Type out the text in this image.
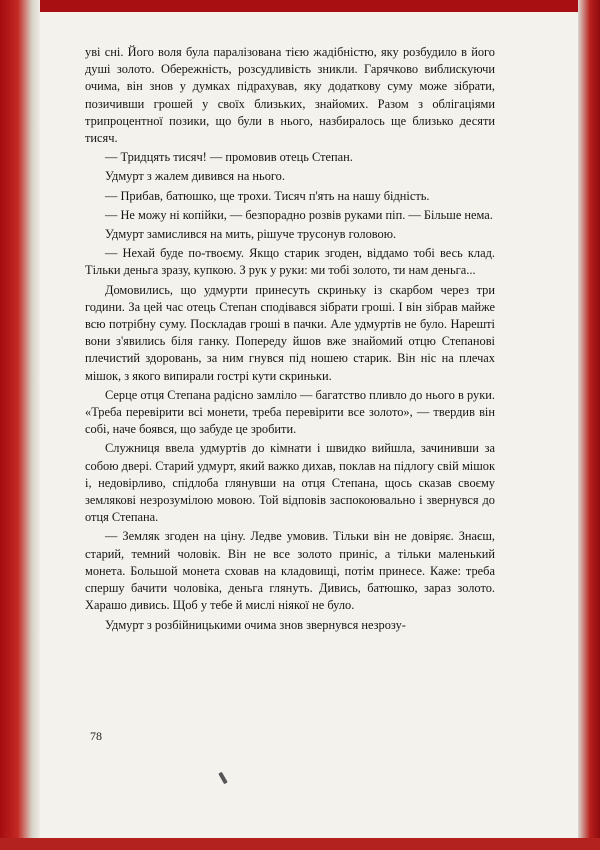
уві сні. Його воля була паралізована тією жадібністю, яку розбудило в його душі золото. Обережність, розсудливість зникли. Гарячково виблискуючи очима, він знов у думках підрахував, яку додаткову суму може зібрати, позичивши грошей у своїх близьких, знайомих. Разом з облігаціями трипроцентної позики, що були в нього, назбиралось ще близько десяти тисяч.

— Тридцять тисяч! — промовив отець Степан.

Удмурт з жалем дивився на нього.

— Прибав, батюшко, ще трохи. Тисяч п'ять на нашу бідність.

— Не можу ні копійки, — безпорадно розвів руками піп. — Більше нема.

Удмурт замислився на мить, рішуче трусонув головою.

— Нехай буде по-твоєму. Якщо старик згоден, віддамо тобі весь клад. Тільки деньга зразу, купкою. З рук у руки: ми тобі золото, ти нам деньга...

Домовились, що удмурти принесуть скриньку із скарбом через три години. За цей час отець Степан сподівався зібрати гроші. І він зібрав майже всю потрібну суму. Поскладав гроші в пачки. Але удмуртів не було. Нарешті вони з'явились біля ганку. Попереду йшов вже знайомий отцю Степанові плечистий здоровань, за ним гнувся під ношею старик. Він ніс на плечах мішок, з якого випирали гострі кути скриньки.

Серце отця Степана радісно замліло — багатство пливло до нього в руки. «Треба перевірити всі монети, треба перевірити все золото», — твердив він собі, наче боявся, що забуде це зробити.

Служниця ввела удмуртів до кімнати і швидко вийшла, зачинивши за собою двері. Старий удмурт, який важко дихав, поклав на підлогу свій мішок і, недовірливо, спідлоба глянувши на отця Степана, щось сказав своєму землякові незрозумілою мовою. Той відповів заспокоювально і звернувся до отця Степана.

— Земляк згоден на ціну. Ледве умовив. Тільки він не довіряє. Знаєш, старий, темний чоловік. Він не все золото приніс, а тільки маленький монета. Большой монета сховав на кладовищі, потім принесе. Каже: треба спершу бачити чоловіка, деньга глянуть. Дивись, батюшко, зараз золото. Харашо дивись. Щоб у тебе й мислі ніякої не було.

Удмурт з розбійницькими очима знов звернувся незрозу-

78
